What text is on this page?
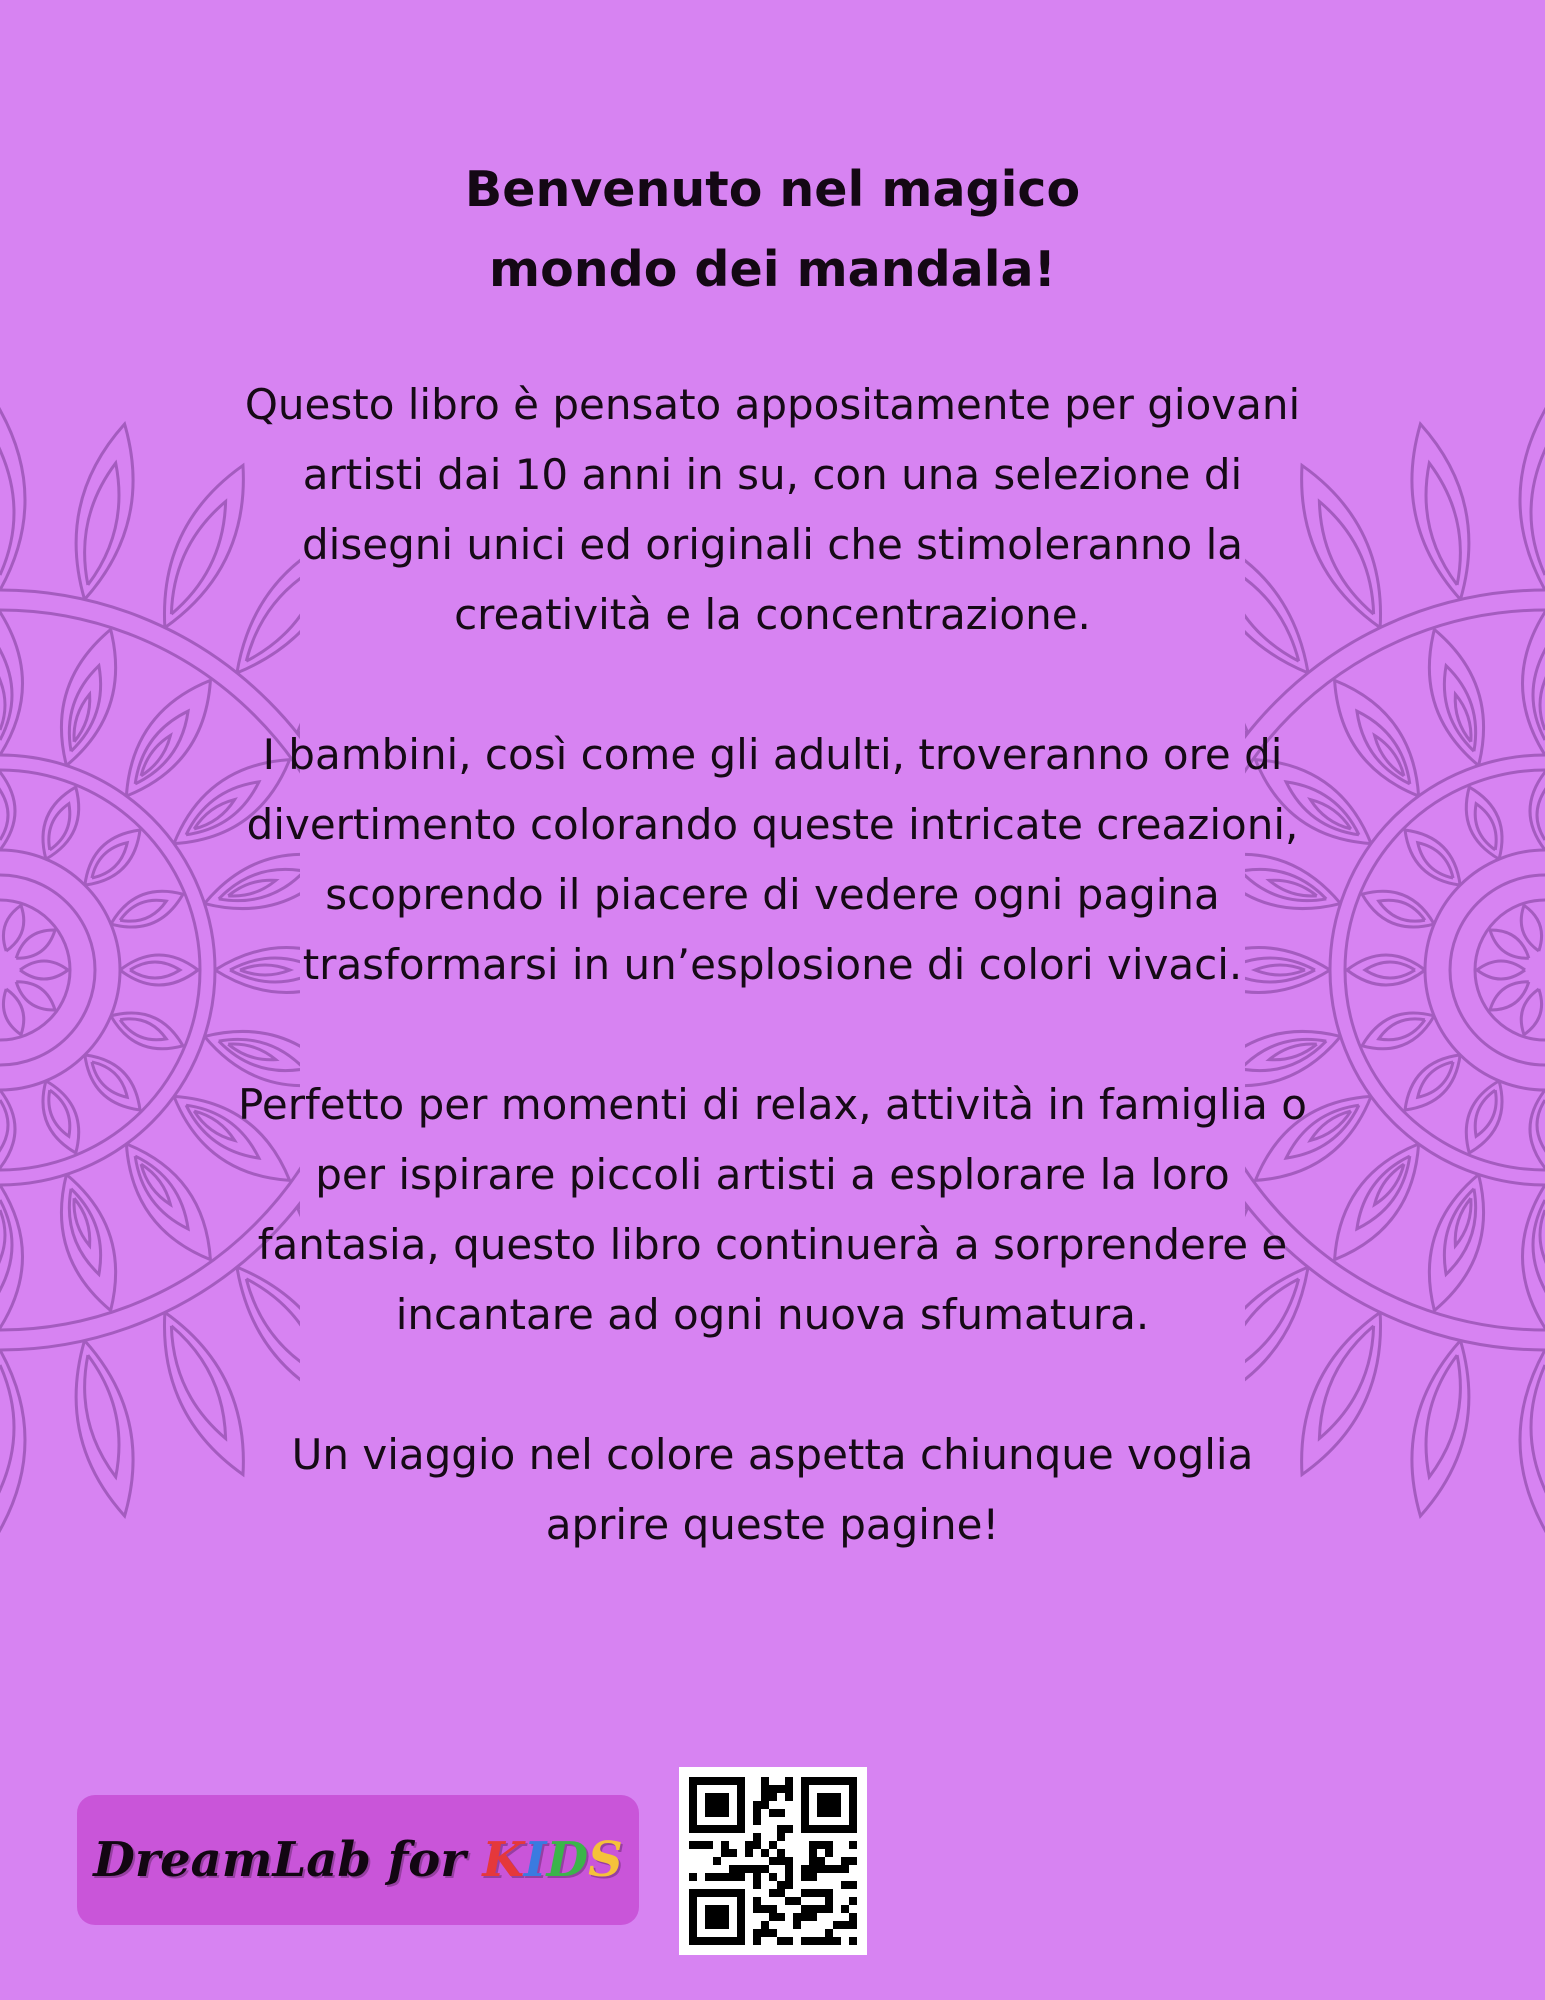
Benvenuto nel magico
mondo dei mandala!

Questo libro è pensato appositamente per giovani
artisti dai 10 anni in su, con una selezione di
disegni unici ed originali che stimoleranno la
creatività e la concentrazione.

I bambini, così come gli adulti, troveranno ore di
divertimento colorando queste intricate creazioni,
scoprendo il piacere di vedere ogni pagina
trasformarsi in un’esplosione di colori vivaci.

Perfetto per momenti di relax, attività in famiglia o
per ispirare piccoli artisti a esplorare la loro
fantasia, questo libro continuerà a sorprendere e
incantare ad ogni nuova sfumatura.

Un viaggio nel colore aspetta chiunque voglia
aprire queste pagine!

DreamLab for KIDS
